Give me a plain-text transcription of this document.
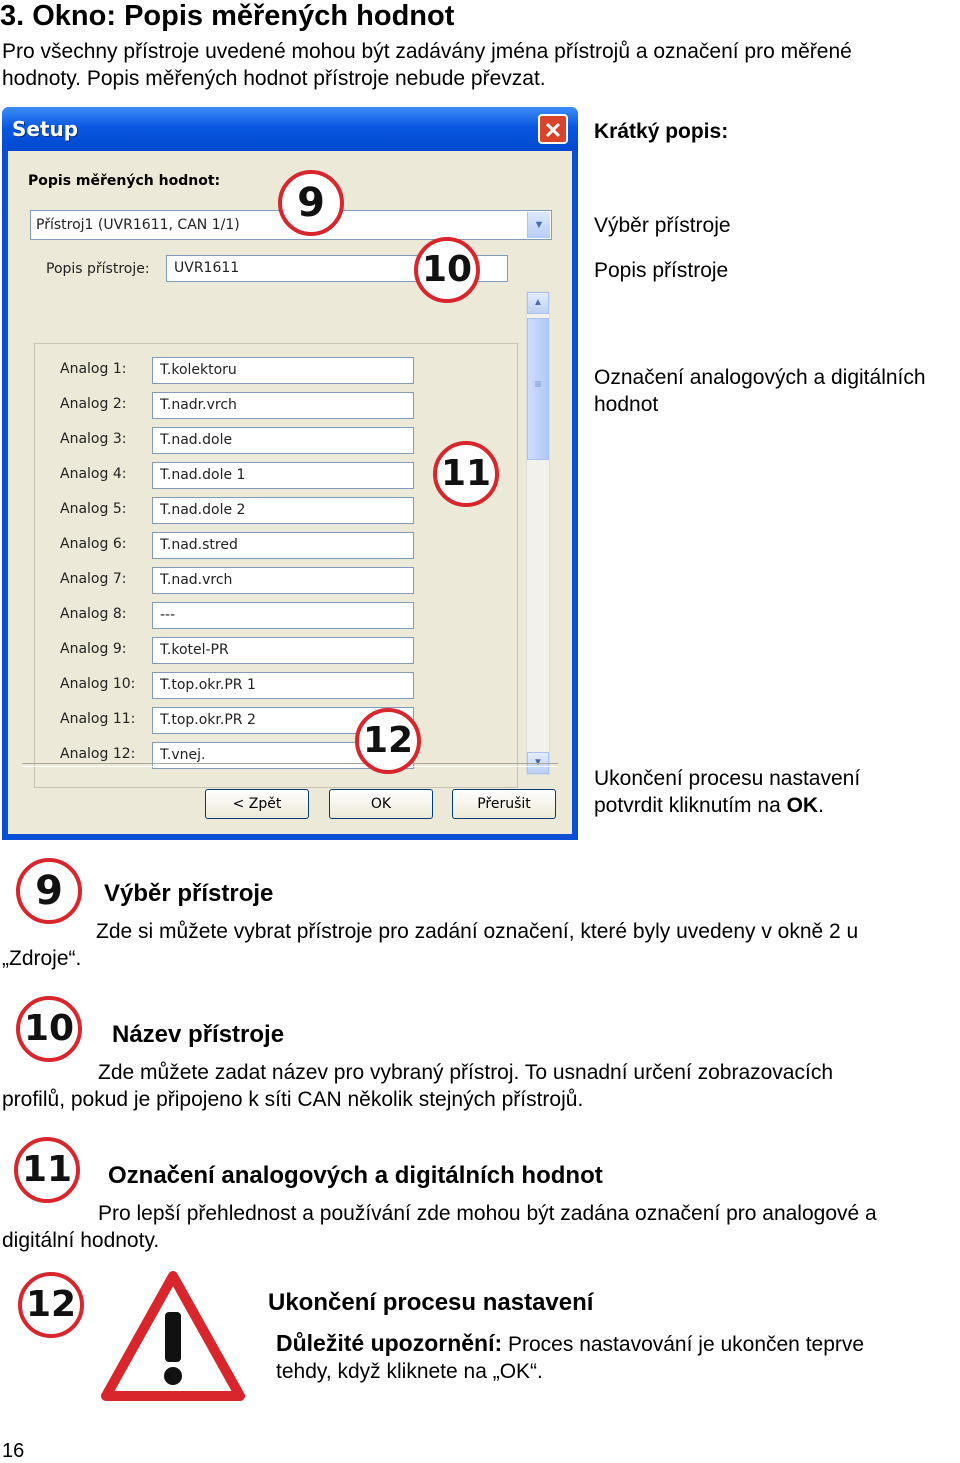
3. Okno: Popis měřených hodnot
Pro všechny přístroje uvedené mohou být zadávány jména přístrojů a označení pro měřené
hodnoty. Popis měřených hodnot přístroje nebude převzat.
Setup	✕
Popis měřených hodnot:
Přístroj1 (UVR1611, CAN 1/1)	▼
Popis přístroje: UVR1611
Analog 1: T.kolektoru
Analog 2: T.nadr.vrch
Analog 3: T.nad.dole
Analog 4: T.nad.dole 1
Analog 5: T.nad.dole 2
Analog 6: T.nad.stred
Analog 7: T.nad.vrch
Analog 8: ---
Analog 9: T.kotel-PR
Analog 10: T.top.okr.PR 1
Analog 11: T.top.okr.PR 2
Analog 12: T.vnej.
▲
≡
▼
< Zpět	OK	Přerušit
9
10
11
12
Krátký popis:
Výběr přístroje
Popis přístroje
Označení analogových a digitálních
hodnot
Ukončení procesu nastavení
potvrdit kliknutím na OK.
9	Výběr přístroje
Zde si můžete vybrat přístroje pro zadání označení, které byly uvedeny v okně 2 u
„Zdroje“.
10 Název přístroje
Zde můžete zadat název pro vybraný přístroj. To usnadní určení zobrazovacích
profilů, pokud je připojeno k síti CAN několik stejných přístrojů.
11 Označení analogových a digitálních hodnot
Pro lepší přehlednost a používání zde mohou být zadána označení pro analogové a
digitální hodnoty.
12	Ukončení procesu nastavení
Důležité upozornění: Proces nastavování je ukončen teprve
tehdy, když kliknete na „OK“.
16
